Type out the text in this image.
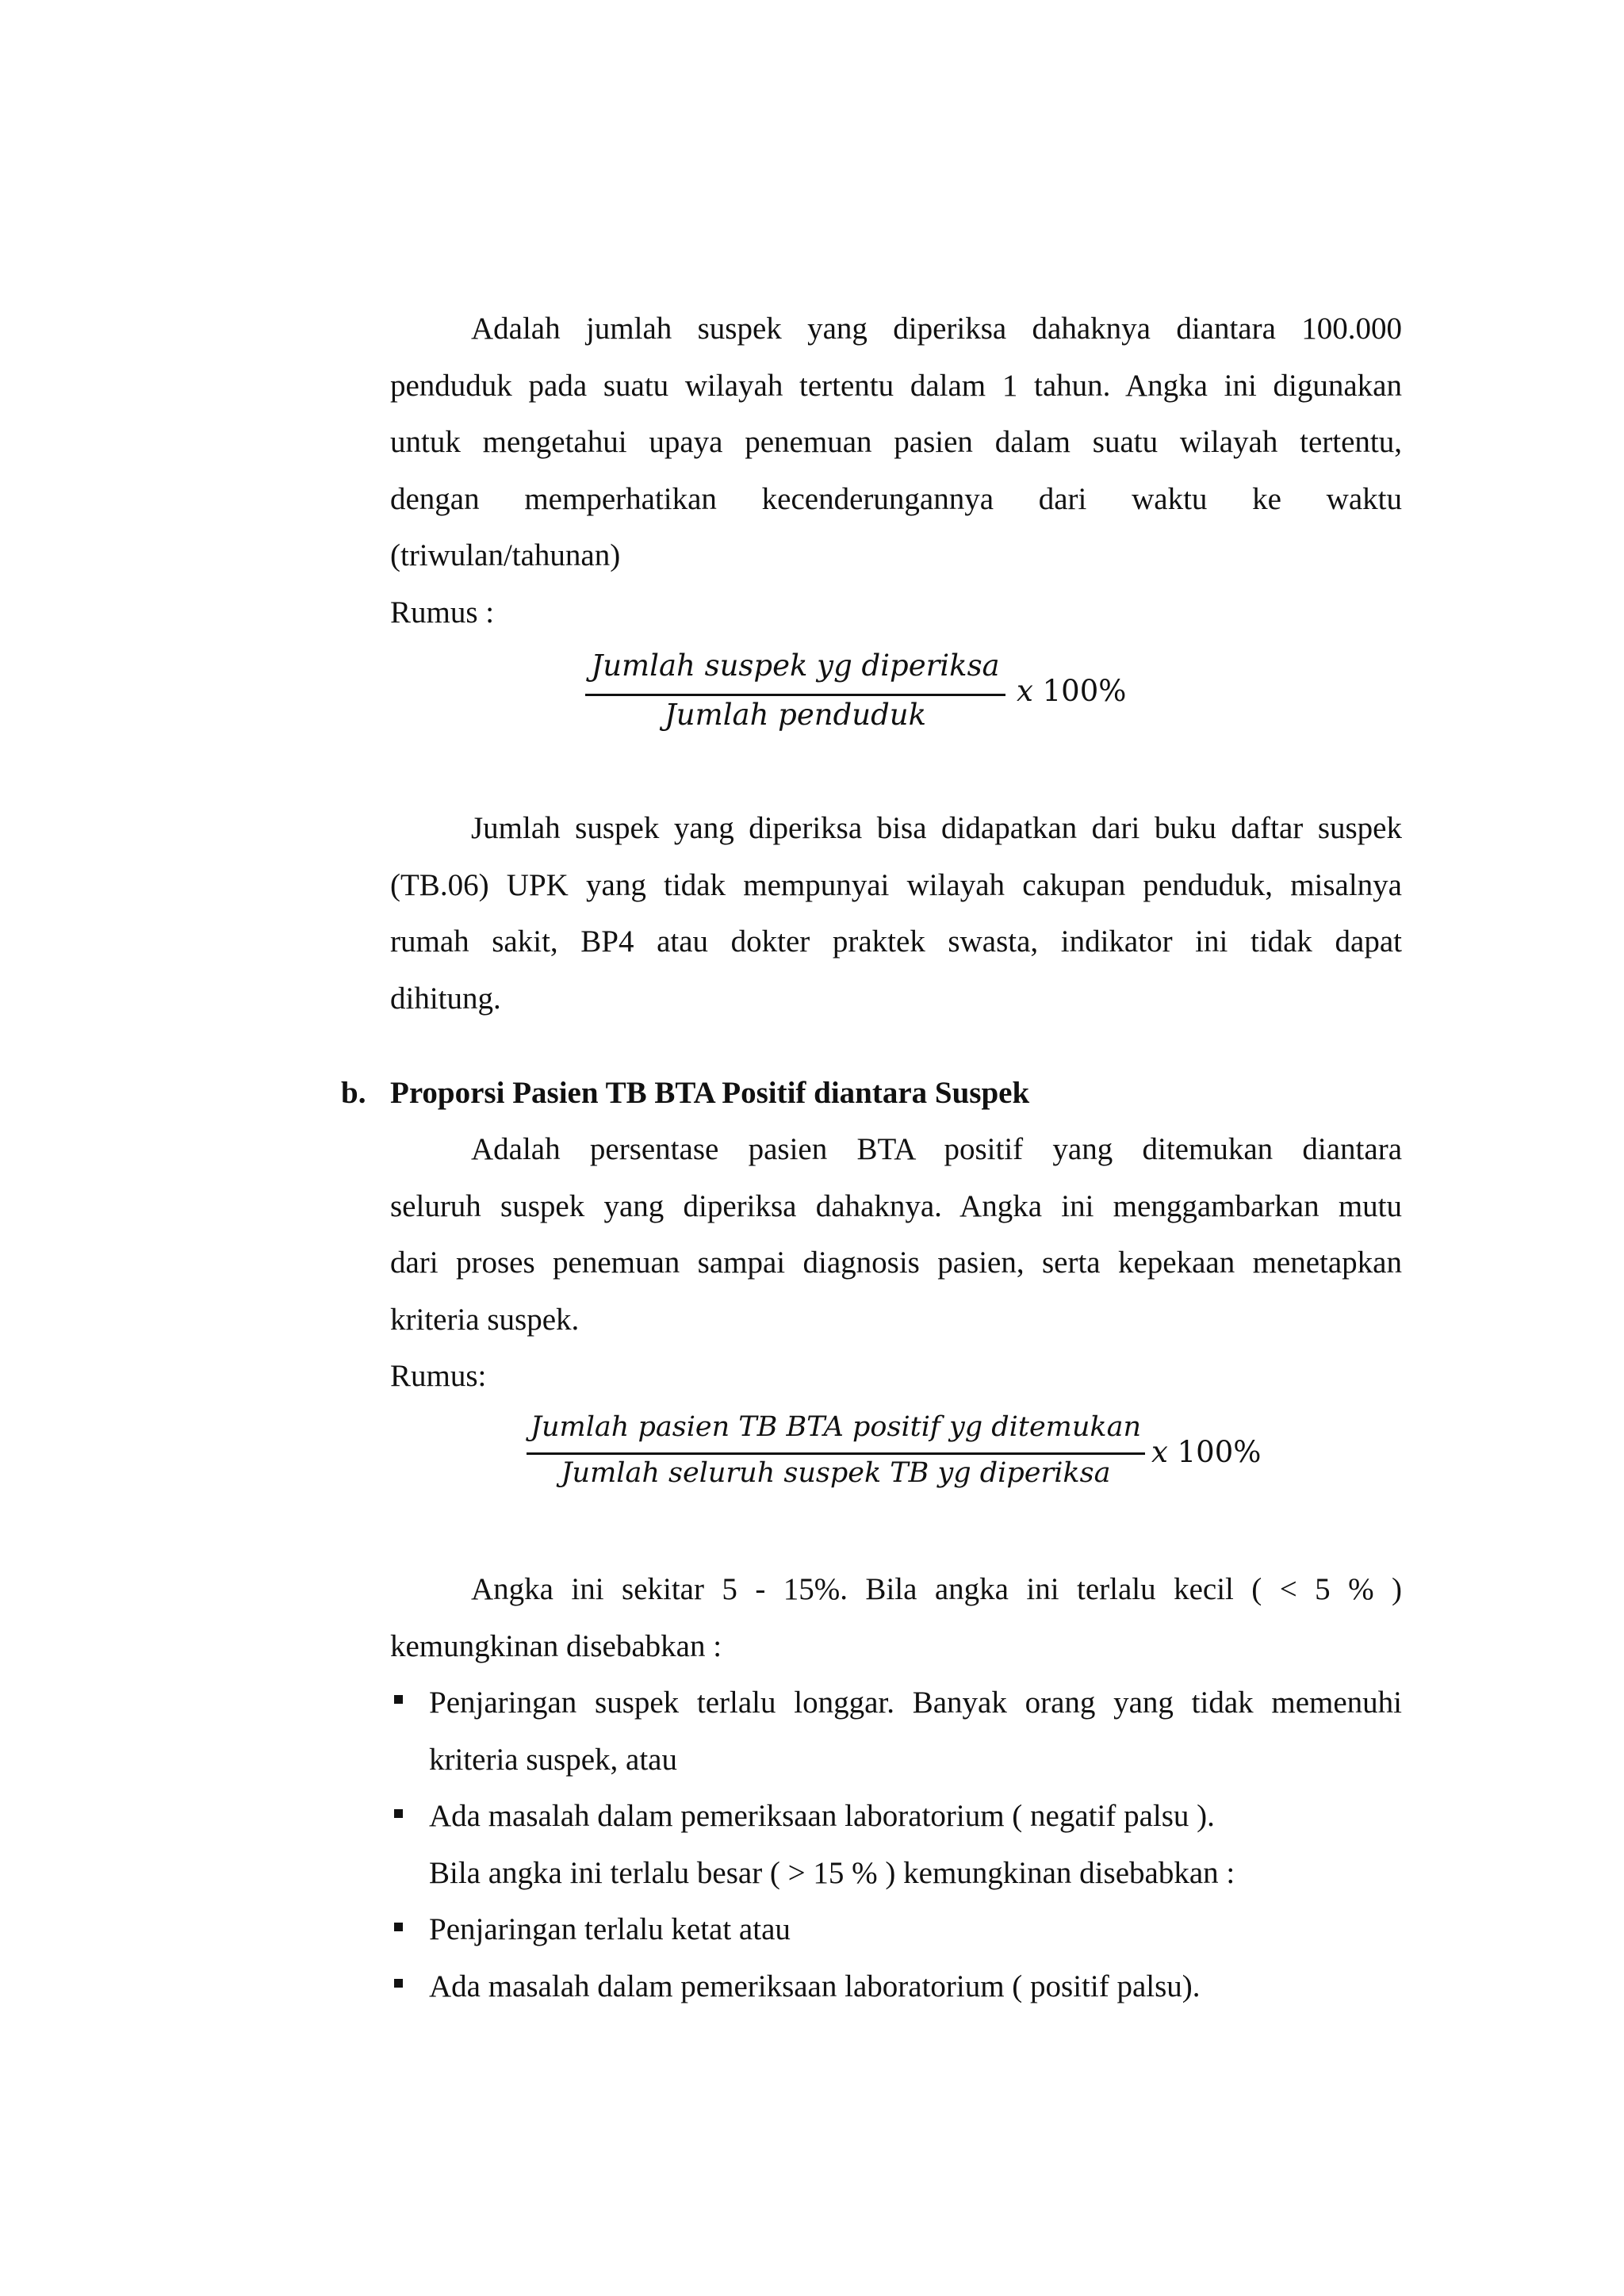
Adalah jumlah suspek yang diperiksa dahaknya diantara 100.000
penduduk pada suatu wilayah tertentu dalam 1 tahun. Angka ini digunakan
untuk mengetahui upaya penemuan pasien dalam suatu wilayah tertentu,
dengan memperhatikan kecenderungannya dari waktu ke waktu
(triwulan/tahunan)
Rumus :
Jumlah suspek yg diperiksa
Jumlah penduduk
x 100%
Jumlah suspek yang diperiksa bisa didapatkan dari buku daftar suspek
(TB.06) UPK yang tidak mempunyai wilayah cakupan penduduk, misalnya
rumah sakit, BP4 atau dokter praktek swasta, indikator ini tidak dapat
dihitung.
b. Proporsi Pasien TB BTA Positif diantara Suspek
Adalah persentase pasien BTA positif yang ditemukan diantara
seluruh suspek yang diperiksa dahaknya. Angka ini menggambarkan mutu
dari proses penemuan sampai diagnosis pasien, serta kepekaan menetapkan
kriteria suspek.
Rumus:
Jumlah pasien TB BTA positif yg ditemukan
Jumlah seluruh suspek TB yg diperiksa
x 100%
Angka ini sekitar 5 - 15%. Bila angka ini terlalu kecil ( < 5 % )
kemungkinan disebabkan :
Penjaringan suspek terlalu longgar. Banyak orang yang tidak memenuhi
kriteria suspek, atau
Ada masalah dalam pemeriksaan laboratorium ( negatif palsu ).
Bila angka ini terlalu besar ( > 15 % ) kemungkinan disebabkan :
Penjaringan terlalu ketat atau
Ada masalah dalam pemeriksaan laboratorium ( positif palsu).
